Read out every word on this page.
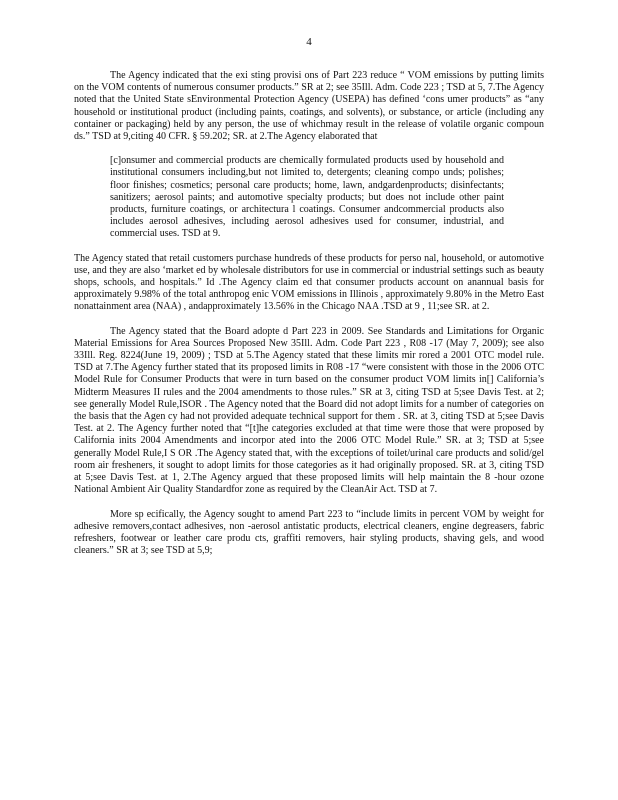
4

The Agency indicated that the exi sting provisi ons of Part 223 reduce “ VOM emissions by putting limits on the VOM contents of numerous consumer products.” SR at 2; see 35Ill. Adm. Code 223 ; TSD at 5, 7.The Agency noted that the United State sEnvironmental Protection Agency (USEPA) has defined ‘cons umer products” as “any household or institutional product (including paints, coatings, and solvents), or substance, or article (including any container or packaging) held by any person, the use of whichmay result in the release of volatile organic compoun ds.” TSD at 9,citing 40 CFR. § 59.202; SR. at 2.The Agency elaborated that

[c]onsumer and commercial products are chemically formulated products used by household and institutional consumers including,but not limited to, detergents; cleaning compo unds; polishes; floor finishes; cosmetics; personal care products; home, lawn, andgardenproducts; disinfectants; sanitizers; aerosol paints; and automotive specialty products; but does not include other paint products, furniture coatings, or architectura l coatings. Consumer andcommercial products also includes aerosol adhesives, including aerosol adhesives used for consumer, industrial, and commercial uses. TSD at 9.

The Agency stated that retail customers purchase hundreds of these products for perso nal, household, or automotive use, and they are also ‘market ed by wholesale distributors for use in commercial or industrial settings such as beauty shops, schools, and hospitals.” Id .The Agency claim ed that consumer products account on anannual basis for approximately 9.98% of the total anthropog enic VOM emissions in Illinois , approximately 9.80% in the Metro East nonattainment area (NAA) , andapproximately 13.56% in the Chicago NAA .TSD at 9 , 11;see SR. at 2.

The Agency stated that the Board adopte d Part 223 in 2009. See Standards and Limitations for Organic Material Emissions for Area Sources Proposed New 35Ill. Adm. Code Part 223 , R08 -17 (May 7, 2009); see also 33Ill. Reg. 8224(June 19, 2009) ; TSD at 5.The Agency stated that these limits mir rored a 2001 OTC model rule. TSD at 7.The Agency further stated that its proposed limits in R08 -17 “were consistent with those in the 2006 OTC Model Rule for Consumer Products that were in turn based on the consumer product VOM limits in[] California’s Midterm Measures II rules and the 2004 amendments to those rules.” SR at 3, citing TSD at 5;see Davis Test. at 2; see generally Model Rule,ISOR . The Agency noted that the Board did not adopt limits for a number of categories on the basis that the Agen cy had not provided adequate technical support for them . SR. at 3, citing TSD at 5;see Davis Test. at 2. The Agency further noted that “[t]he categories excluded at that time were those that were proposed by California inits 2004 Amendments and incorpor ated into the 2006 OTC Model Rule.” SR. at 3; TSD at 5;see generally Model Rule,I S OR .The Agency stated that, with the exceptions of toilet/urinal care products and solid/gel room air fresheners, it sought to adopt limits for those categories as it had originally proposed. SR. at 3, citing TSD at 5;see Davis Test. at 1, 2.The Agency argued that these proposed limits will help maintain the 8 -hour ozone National Ambient Air Quality Standardfor zone as required by the CleanAir Act. TSD at 7.

More sp ecifically, the Agency sought to amend Part 223 to “include limits in percent VOM by weight for adhesive removers,contact adhesives, non -aerosol antistatic products, electrical cleaners, engine degreasers, fabric refreshers, footwear or leather care produ cts, graffiti removers, hair styling products, shaving gels, and wood cleaners.” SR at 3; see TSD at 5,9;
